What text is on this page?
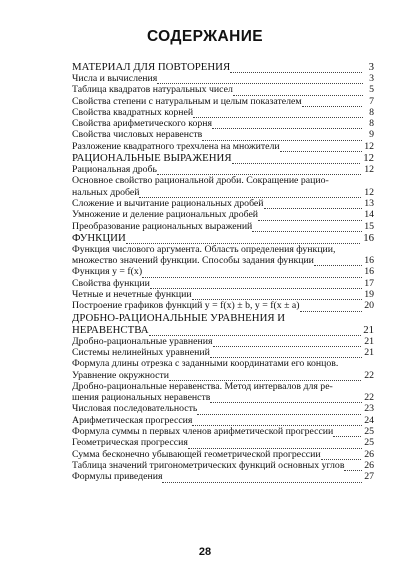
СОДЕРЖАНИЕ
МАТЕРИАЛ ДЛЯ ПОВТОРЕНИЯ	3
Числа и вычисления	3
Таблица квадратов натуральных чисел	5
Свойства степени с натуральным и целым показателем	7
Свойства квадратных корней	8
Свойства арифметического корня	8
Свойства числовых неравенств	9
Разложение квадратного трехчлена на множители	12
РАЦИОНАЛЬНЫЕ ВЫРАЖЕНИЯ	12
Рациональная дробь	12
Основное свойство рациональной дроби. Сокращение рацио-
нальных дробей	12
Сложение и вычитание рациональных дробей	13
Умножение и деление рациональных дробей	14
Преобразование рациональных выражений	15
ФУНКЦИИ	16
Функция числового аргумента. Область определения функции,
множество значений функции. Способы задания функции	16
Функция y = f(x)	16
Свойства функции	17
Четные и нечетные функции	19
Построение графиков функций y = f(x) ± b, y = f(x ± a)	20
ДРОБНО-РАЦИОНАЛЬНЫЕ УРАВНЕНИЯ И НЕРАВЕНСТВА	21
Дробно-рациональные уравнения	21
Системы нелинейных уравнений	21
Формула длины отрезка с заданными координатами его концов.
Уравнение окружности	22
Дробно-рациональные неравенства. Метод интервалов для ре-
шения рациональных неравенств	22
Числовая последовательность	23
Арифметическая прогрессия	24
Формула суммы n первых членов арифметической прогрессии	25
Геометрическая прогрессия	25
Сумма бесконечно убывающей геометрической прогрессии	26
Таблица значений тригонометрических функций основных углов	26
Формулы приведения	27
28
